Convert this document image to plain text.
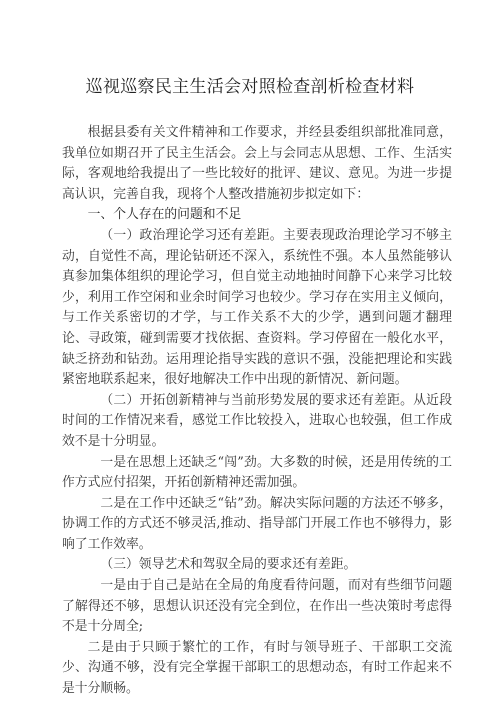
巡视巡察民主生活会对照检查剖析检查材料

根据县委有关文件精神和工作要求，并经县委组织部批准同意，我单位如期召开了民主生活会。会上与会同志从思想、工作、生活实际，客观地给我提出了一些比较好的批评、建议、意见。为进一步提高认识，完善自我，现将个人整改措施初步拟定如下：

一、个人存在的问题和不足

（一）政治理论学习还有差距。主要表现政治理论学习不够主动，自觉性不高，理论钻研还不深入，系统性不强。本人虽然能够认真参加集体组织的理论学习，但自觉主动地抽时间静下心来学习比较少，利用工作空闲和业余时间学习也较少。学习存在实用主义倾向，与工作关系密切的才学，与工作关系不大的少学，遇到问题才翻理论、寻政策，碰到需要才找依据、查资料。学习停留在一般化水平，缺乏挤劲和钻劲。运用理论指导实践的意识不强，没能把理论和实践紧密地联系起来，很好地解决工作中出现的新情况、新问题。

（二）开拓创新精神与当前形势发展的要求还有差距。从近段时间的工作情况来看，感觉工作比较投入，进取心也较强，但工作成效不是十分明显。

一是在思想上还缺乏“闯”劲。大多数的时候，还是用传统的工作方式应付招架，开拓创新精神还需加强。

二是在工作中还缺乏“钻”劲。解决实际问题的方法还不够多，协调工作的方式还不够灵活,推动、指导部门开展工作也不够得力，影响了工作效率。

（三）领导艺术和驾驭全局的要求还有差距。

一是由于自己是站在全局的角度看待问题，而对有些细节问题了解得还不够，思想认识还没有完全到位，在作出一些决策时考虑得不是十分周全;

二是由于只顾于繁忙的工作，有时与领导班子、干部职工交流少、沟通不够，没有完全掌握干部职工的思想动态，有时工作起来不是十分顺畅。
